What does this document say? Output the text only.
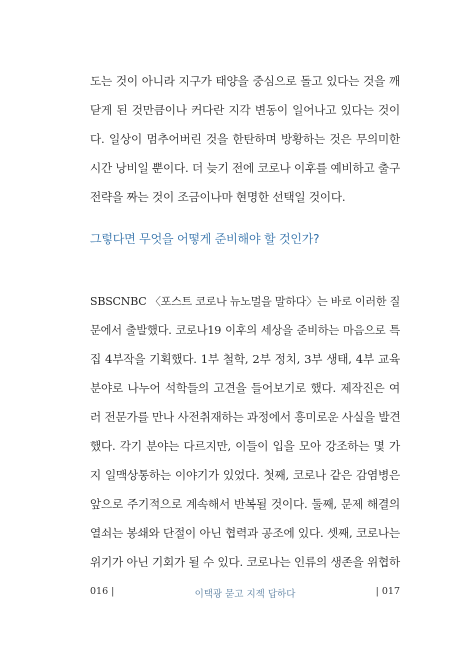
도는 것이 아니라 지구가 태양을 중심으로 돌고 있다는 것을 깨
닫게 된 것만큼이나 커다란 지각 변동이 일어나고 있다는 것이
다. 일상이 멈추어버린 것을 한탄하며 방황하는 것은 무의미한
시간 낭비일 뿐이다. 더 늦기 전에 코로나 이후를 예비하고 출구
전략을 짜는 것이 조금이나마 현명한 선택일 것이다.
그렇다면 무엇을 어떻게 준비해야 할 것인가?
SBSCNBC 〈포스트 코로나 뉴노멀을 말하다〉는 바로 이러한 질
문에서 출발했다. 코로나19 이후의 세상을 준비하는 마음으로 특
집 4부작을 기획했다. 1부 철학, 2부 정치, 3부 생태, 4부 교육
분야로 나누어 석학들의 고견을 들어보기로 했다. 제작진은 여
러 전문가를 만나 사전취재하는 과정에서 흥미로운 사실을 발견
했다. 각기 분야는 다르지만, 이들이 입을 모아 강조하는 몇 가
지 일맥상통하는 이야기가 있었다. 첫째, 코로나 같은 감염병은
앞으로 주기적으로 계속해서 반복될 것이다. 둘째, 문제 해결의
열쇠는 봉쇄와 단절이 아닌 협력과 공조에 있다. 셋째, 코로나는
위기가 아닌 기회가 될 수 있다. 코로나는 인류의 생존을 위협하
016 |	이택광 묻고 지젝 답하다	| 017
